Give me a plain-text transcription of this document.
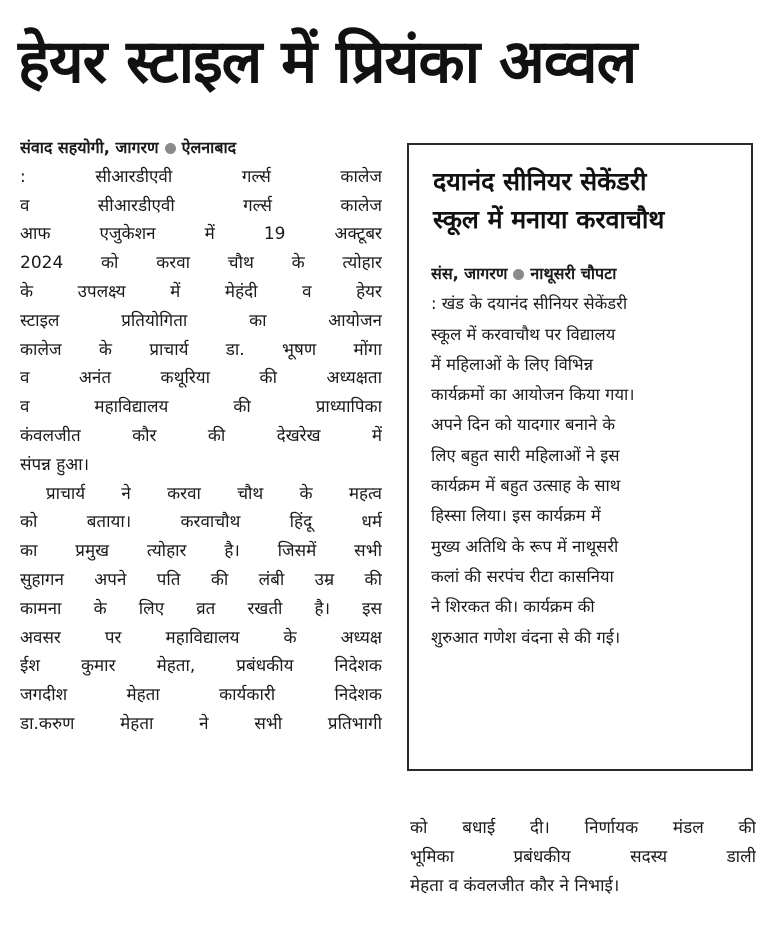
हेयर स्टाइल में प्रियंका अव्वल
संवाद सहयोगी, जागरण ऐलनाबाद
: सीआरडीएवी गर्ल्स कालेज
व सीआरडीएवी गर्ल्स कालेज
आफ एजुकेशन में 19 अक्टूबर
2024 को करवा चौथ के त्योहार
के उपलक्ष्य में मेहंदी व हेयर
स्टाइल प्रतियोगिता का आयोजन
कालेज के प्राचार्य डा. भूषण मोंगा
व अनंत कथूरिया की अध्यक्षता
व महाविद्यालय की प्राध्यापिका
कंवलजीत कौर की देखरेख में
संपन्न हुआ।
प्राचार्य ने करवा चौथ के महत्व
को बताया। करवाचौथ हिंदू धर्म
का प्रमुख त्योहार है। जिसमें सभी
सुहागन अपने पति की लंबी उम्र की
कामना के लिए व्रत रखती है। इस
अवसर पर महाविद्यालय के अध्यक्ष
ईश कुमार मेहता, प्रबंधकीय निदेशक
जगदीश मेहता कार्यकारी निदेशक
डा.करुण मेहता ने सभी प्रतिभागी
दयानंद सीनियर सेकेंडरी
स्कूल में मनाया करवाचौथ
संस, जागरण नाथूसरी चौपटा
: खंड के दयानंद सीनियर सेकेंडरी
स्कूल में करवाचौथ पर विद्यालय
में महिलाओं के लिए विभिन्न
कार्यक्रमों का आयोजन किया गया।
अपने दिन को यादगार बनाने के
लिए बहुत सारी महिलाओं ने इस
कार्यक्रम में बहुत उत्साह के साथ
हिस्सा लिया। इस कार्यक्रम में
मुख्य अतिथि के रूप में नाथूसरी
कलां की सरपंच रीटा कासनिया
ने शिरकत की। कार्यक्रम की
शुरुआत गणेश वंदना से की गई।
को बधाई दी। निर्णायक मंडल की
भूमिका प्रबंधकीय सदस्य डाली
मेहता व कंवलजीत कौर ने निभाई।
